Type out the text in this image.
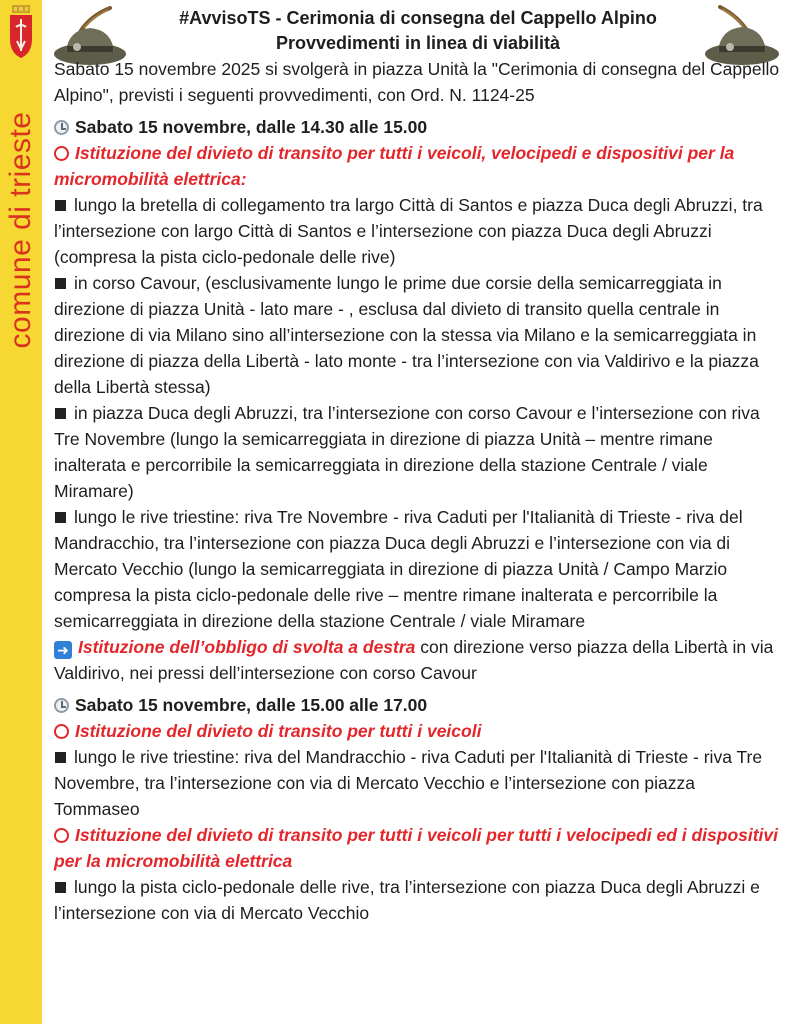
comune di trieste
#AvvisoTS - Cerimonia di consegna del Cappello Alpino
Provvedimenti in linea di viabilità

Sabato 15 novembre 2025 si svolgerà in piazza Unità la "Cerimonia di consegna del Cappello Alpino", previsti i seguenti provvedimenti, con Ord. N. 1124-25

Sabato 15 novembre, dalle 14.30 alle 15.00

Istituzione del divieto di transito per tutti i veicoli, velocipedi e dispositivi per la micromobilità elettrica:

lungo la bretella di collegamento tra largo Città di Santos e piazza Duca degli Abruzzi, tra l’intersezione con largo Città di Santos e l’intersezione con piazza Duca degli Abruzzi (compresa la pista ciclo-pedonale delle rive)

in corso Cavour, (esclusivamente lungo le prime due corsie della semicarreggiata in direzione di piazza Unità - lato mare - , esclusa dal divieto di transito quella centrale in direzione di via Milano sino all’intersezione con la stessa via Milano e la semicarreggiata in direzione di piazza della Libertà - lato monte - tra l’intersezione con via Valdirivo e la piazza della Libertà stessa)

in piazza Duca degli Abruzzi, tra l’intersezione con corso Cavour e l’intersezione con riva Tre Novembre (lungo la semicarreggiata in direzione di piazza Unità – mentre rimane inalterata e percorribile la semicarreggiata in direzione della stazione Centrale / viale Miramare)

lungo le rive triestine: riva Tre Novembre - riva Caduti per l'Italianità di Trieste - riva del Mandracchio, tra l’intersezione con piazza Duca degli Abruzzi e l’intersezione con via di Mercato Vecchio (lungo la semicarreggiata in direzione di piazza Unità / Campo Marzio compresa la pista ciclo-pedonale delle rive – mentre rimane inalterata e percorribile la semicarreggiata in direzione della stazione Centrale / viale Miramare

➜ Istituzione dell’obbligo di svolta a destra con direzione verso piazza della Libertà in via Valdirivo, nei pressi dell’intersezione con corso Cavour

Sabato 15 novembre, dalle 15.00 alle 17.00

Istituzione del divieto di transito per tutti i veicoli

lungo le rive triestine: riva del Mandracchio - riva Caduti per l'Italianità di Trieste - riva Tre Novembre, tra l’intersezione con via di Mercato Vecchio e l’intersezione con piazza Tommaseo

Istituzione del divieto di transito per tutti i veicoli per tutti i velocipedi ed i dispositivi per la micromobilità elettrica

lungo la pista ciclo-pedonale delle rive, tra l’intersezione con piazza Duca degli Abruzzi e l’intersezione con via di Mercato Vecchio
